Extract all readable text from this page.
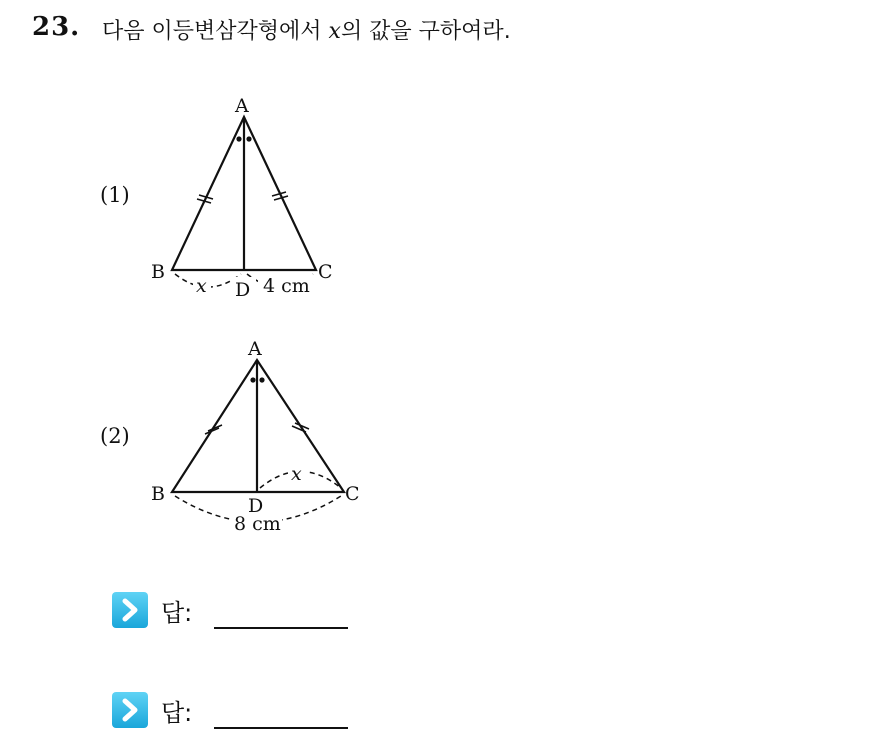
23. 다음 이등변삼각형에서 x의 값을 구하여라.
(1)
(2)
A
B	C
D
x	4 cm
A
B	C
D
x
8 cm
답:
답:
